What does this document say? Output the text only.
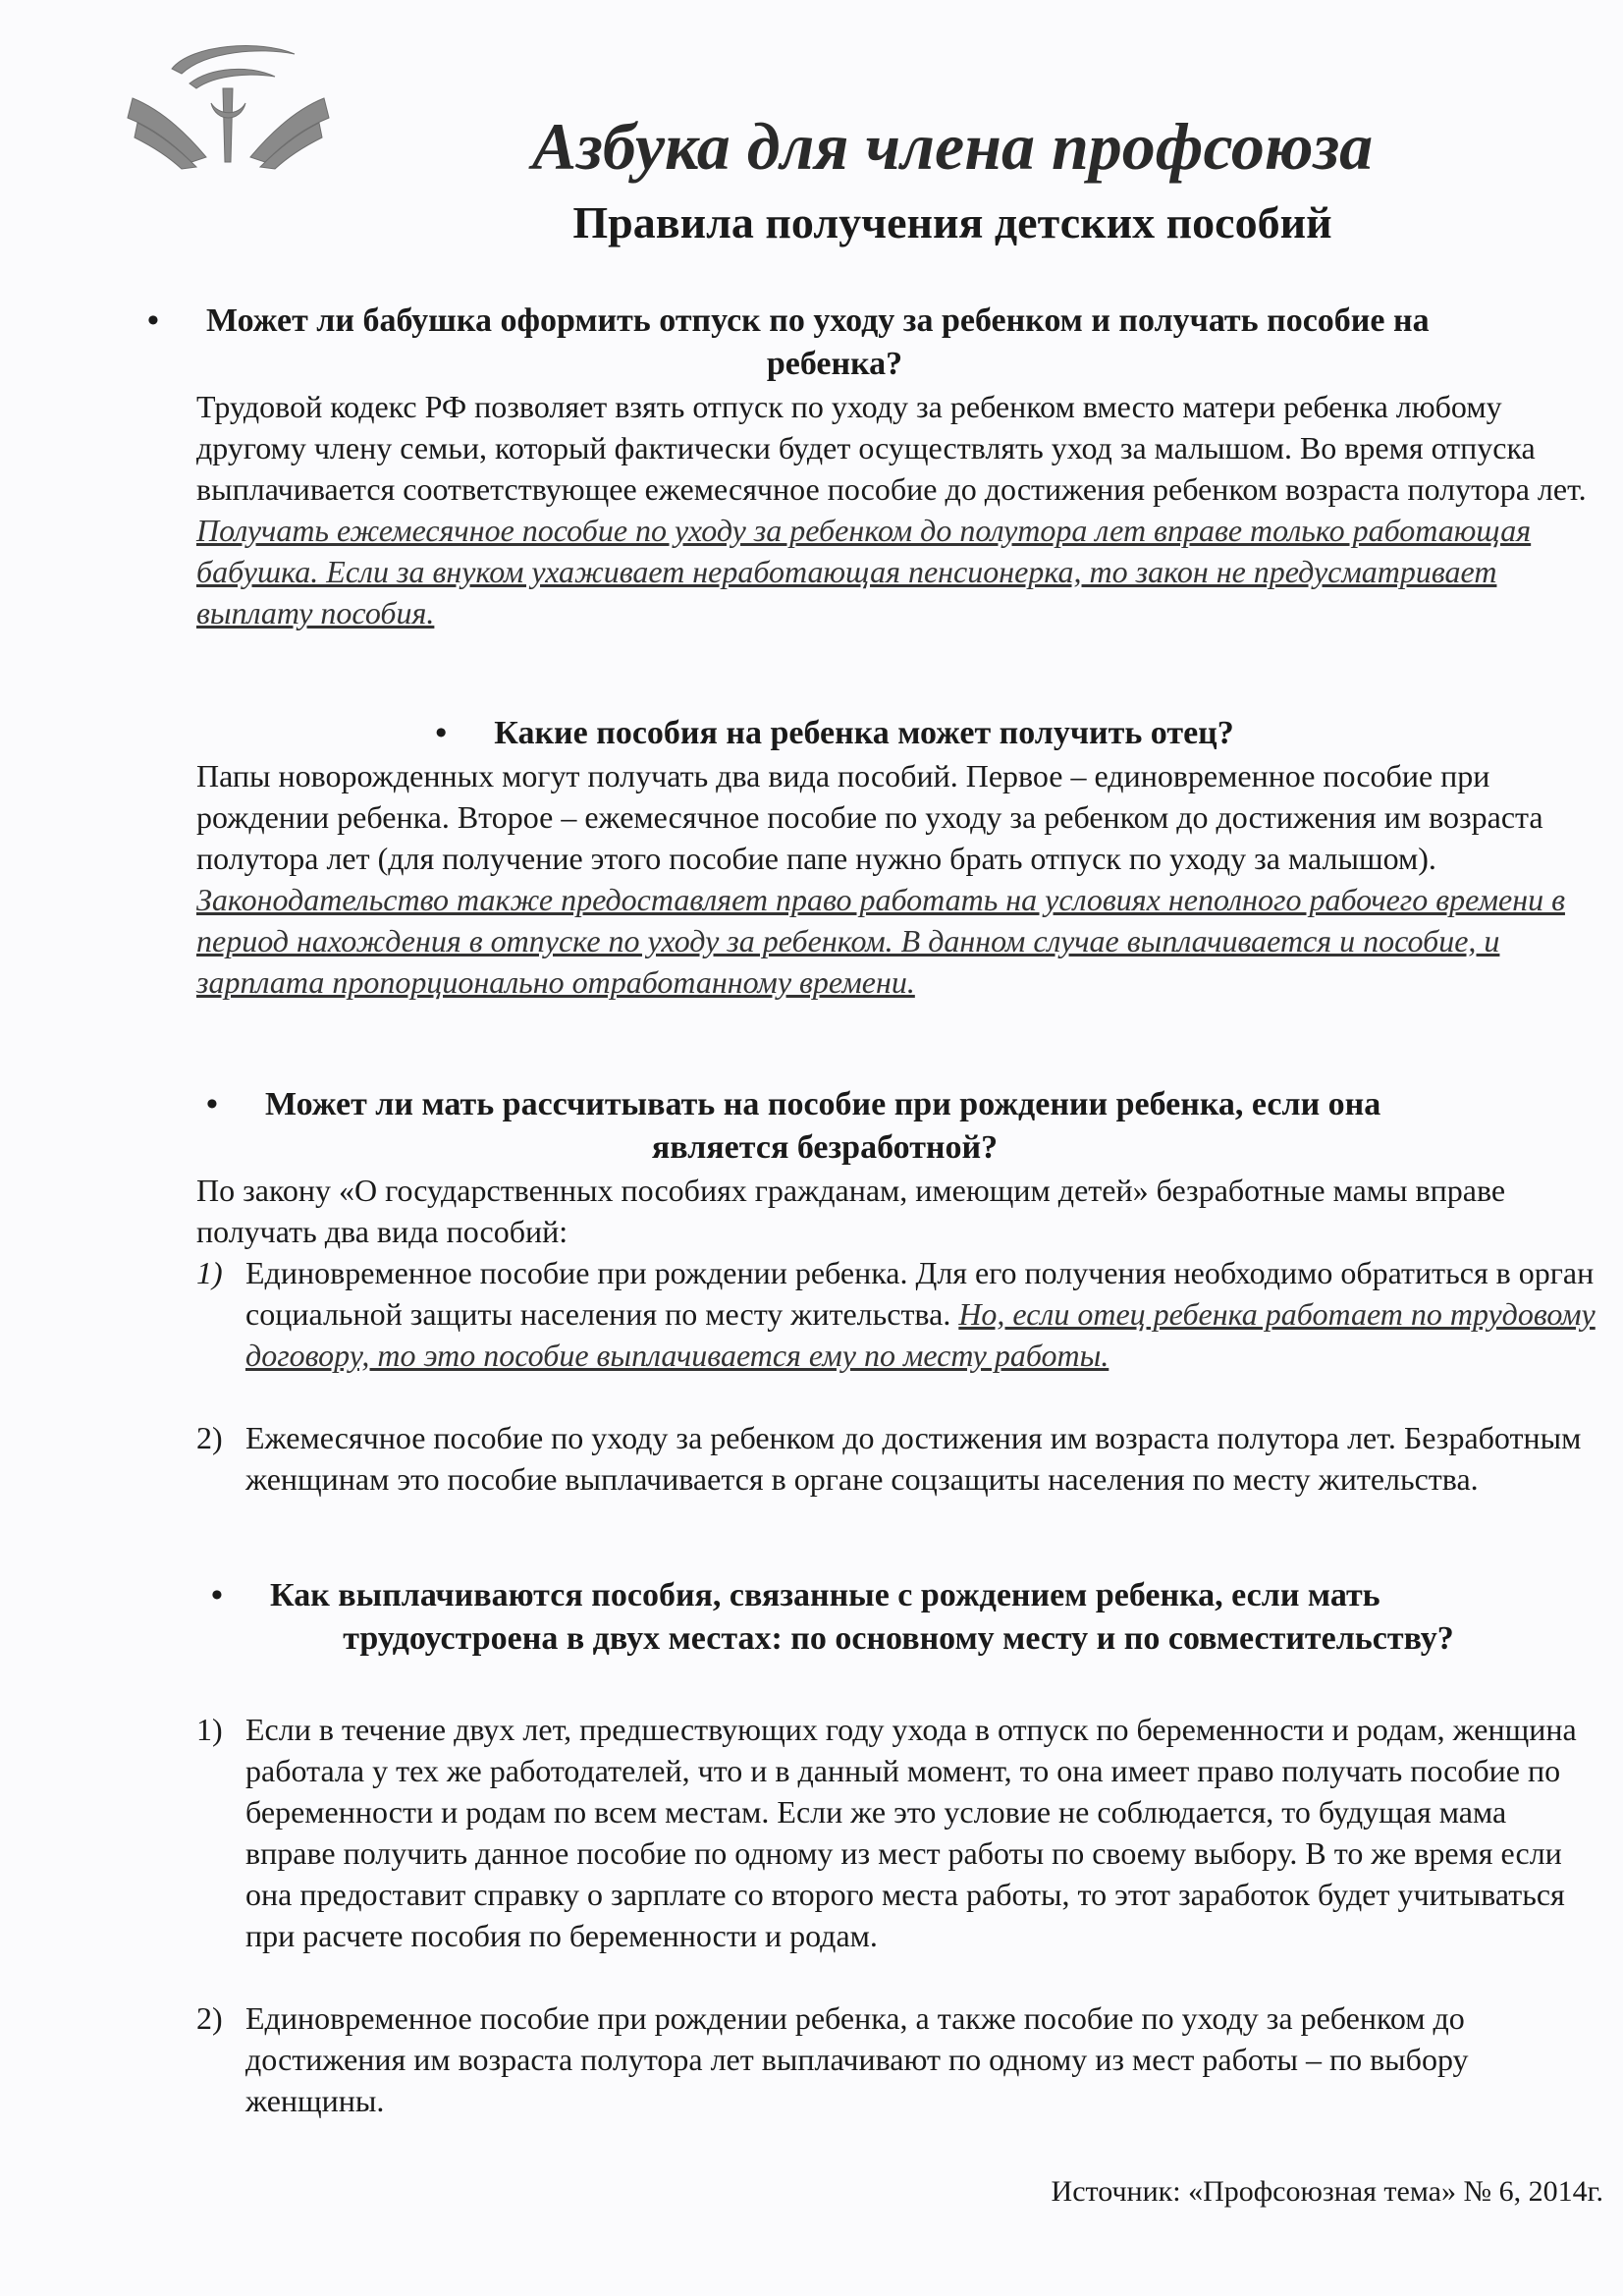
Азбука для члена профсоюза
Правила получения детских пособий
• Может ли бабушка оформить отпуск по уходу за ребенком и получать пособие на
ребенка?
Трудовой кодекс РФ позволяет взять отпуск по уходу за ребенком вместо матери ребенка любому другому члену семьи, который фактически будет осуществлять уход за малышом. Во время отпуска выплачивается соответствующее ежемесячное пособие до достижения ребенком возраста полутора лет. Получать ежемесячное пособие по уходу за ребенком до полутора лет вправе только работающая бабушка. Если за внуком ухаживает неработающая пенсионерка, то закон не предусматривает выплату пособия.
• Какие пособия на ребенка может получить отец?
Папы новорожденных могут получать два вида пособий. Первое – единовременное пособие при рождении ребенка. Второе – ежемесячное пособие по уходу за ребенком до достижения им возраста полутора лет (для получение этого пособие папе нужно брать отпуск по уходу за малышом). Законодательство также предоставляет право работать на условиях неполного рабочего времени в период нахождения в отпуске по уходу за ребенком. В данном случае выплачивается и пособие, и зарплата пропорционально отработанному времени.
• Может ли мать рассчитывать на пособие при рождении ребенка, если она
является безработной?
По закону «О государственных пособиях гражданам, имеющим детей» безработные мамы вправе получать два вида пособий:
1) Единовременное пособие при рождении ребенка. Для его получения необходимо обратиться в орган социальной защиты населения по месту жительства. Но, если отец ребенка работает по трудовому договору, то это пособие выплачивается ему по месту работы.
2) Ежемесячное пособие по уходу за ребенком до достижения им возраста полутора лет. Безработным женщинам это пособие выплачивается в органе соцзащиты населения по месту жительства.
• Как выплачиваются пособия, связанные с рождением ребенка, если мать
трудоустроена в двух местах: по основному месту и по совместительству?
1) Если в течение двух лет, предшествующих году ухода в отпуск по беременности и родам, женщина работала у тех же работодателей, что и в данный момент, то она имеет право получать пособие по беременности и родам по всем местам. Если же это условие не соблюдается, то будущая мама вправе получить данное пособие по одному из мест работы по своему выбору. В то же время если она предоставит справку о зарплате со второго места работы, то этот заработок будет учитываться при расчете пособия по беременности и родам.
2) Единовременное пособие при рождении ребенка, а также пособие по уходу за ребенком до достижения им возраста полутора лет выплачивают по одному из мест работы – по выбору женщины.
Источник: «Профсоюзная тема» № 6, 2014г.
